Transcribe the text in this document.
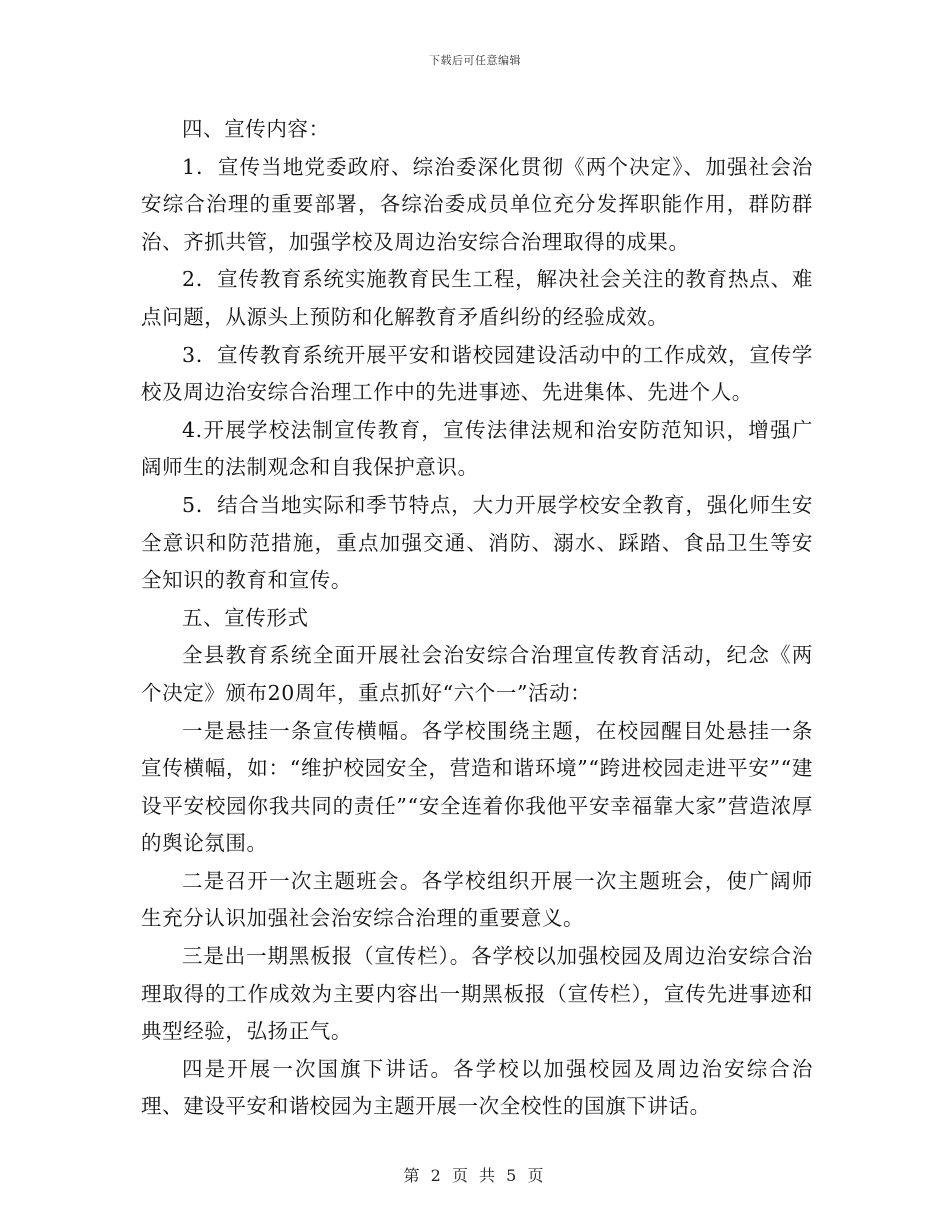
下载后可任意编辑

四、宣传内容：

1．宣传当地党委政府、综治委深化贯彻《两个决定》、加强社会治安综合治理的重要部署，各综治委成员单位充分发挥职能作用，群防群治、齐抓共管，加强学校及周边治安综合治理取得的成果。

2．宣传教育系统实施教育民生工程，解决社会关注的教育热点、难点问题，从源头上预防和化解教育矛盾纠纷的经验成效。

3．宣传教育系统开展平安和谐校园建设活动中的工作成效，宣传学校及周边治安综合治理工作中的先进事迹、先进集体、先进个人。

4.开展学校法制宣传教育，宣传法律法规和治安防范知识，增强广阔师生的法制观念和自我保护意识。

5．结合当地实际和季节特点，大力开展学校安全教育，强化师生安全意识和防范措施，重点加强交通、消防、溺水、踩踏、食品卫生等安全知识的教育和宣传。

五、宣传形式

全县教育系统全面开展社会治安综合治理宣传教育活动，纪念《两个决定》颁布20周年，重点抓好“六个一”活动：

一是悬挂一条宣传横幅。各学校围绕主题，在校园醒目处悬挂一条宣传横幅，如：“维护校园安全，营造和谐环境”“跨进校园走进平安”“建设平安校园你我共同的责任”“安全连着你我他平安幸福靠大家”营造浓厚的舆论氛围。

二是召开一次主题班会。各学校组织开展一次主题班会，使广阔师生充分认识加强社会治安综合治理的重要意义。

三是出一期黑板报（宣传栏）。各学校以加强校园及周边治安综合治理取得的工作成效为主要内容出一期黑板报（宣传栏），宣传先进事迹和典型经验，弘扬正气。

四是开展一次国旗下讲话。各学校以加强校园及周边治安综合治理、建设平安和谐校园为主题开展一次全校性的国旗下讲话。

第 2 页 共 5 页
